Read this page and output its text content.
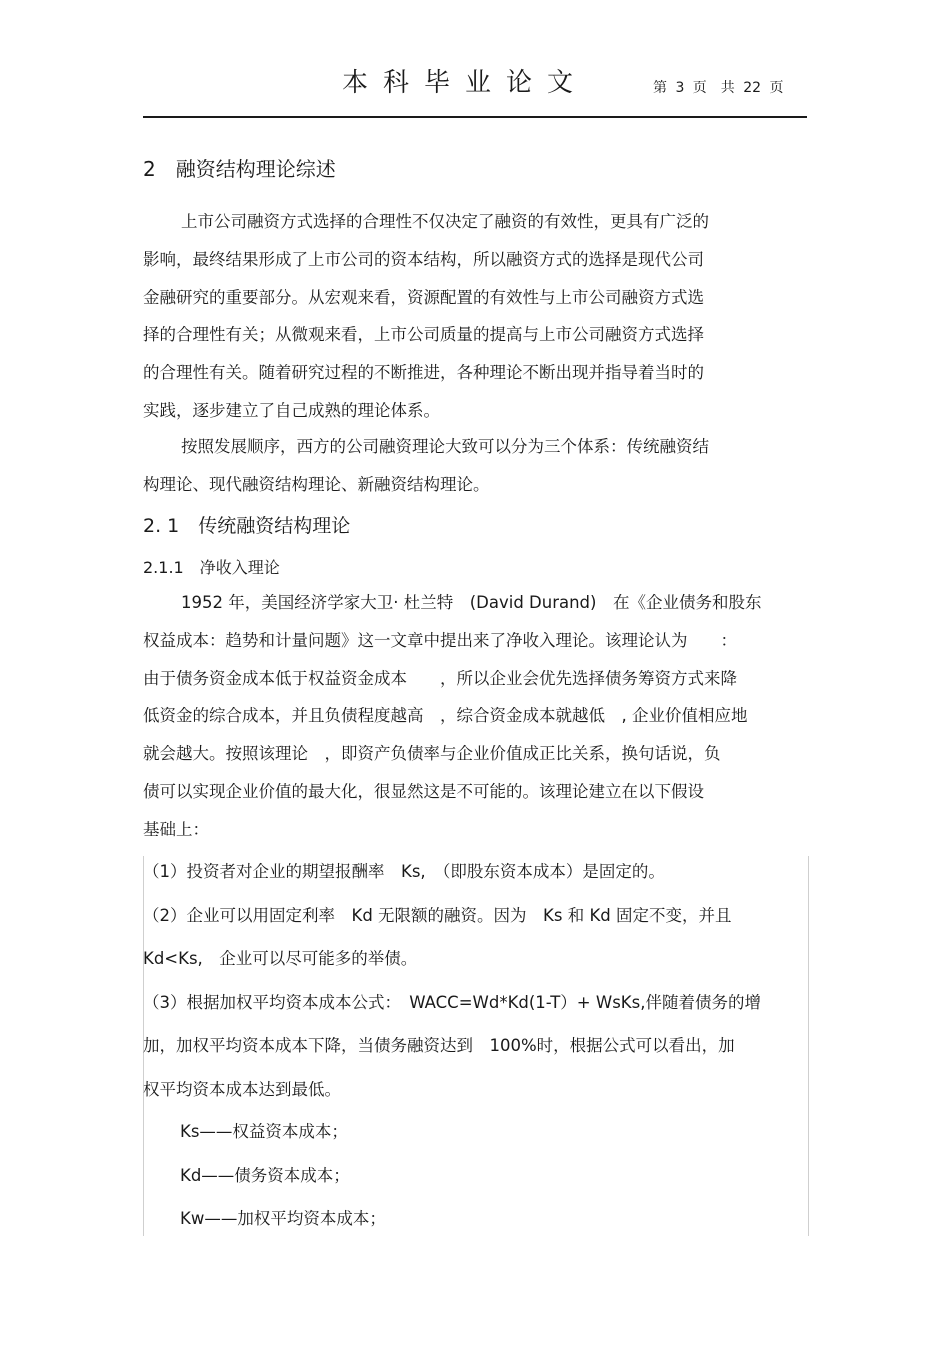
本科毕业论文	第 3 页　共 22 页
2　融资结构理论综述
上市公司融资方式选择的合理性不仅决定了融资的有效性，更具有广泛的
影响，最终结果形成了上市公司的资本结构，所以融资方式的选择是现代公司
金融研究的重要部分。从宏观来看，资源配置的有效性与上市公司融资方式选
择的合理性有关；从微观来看，上市公司质量的提高与上市公司融资方式选择
的合理性有关。随着研究过程的不断推进，各种理论不断出现并指导着当时的
实践，逐步建立了自己成熟的理论体系。
按照发展顺序，西方的公司融资理论大致可以分为三个体系：传统融资结
构理论、现代融资结构理论、新融资结构理论。
2. 1　传统融资结构理论
2.1.1　净收入理论
1952 年，美国经济学家大卫· 杜兰特　(David Durand)　在《企业债务和股东
权益成本：趋势和计量问题》这一文章中提出来了净收入理论。该理论认为　　：
由于债务资金成本低于权益资金成本　　，所以企业会优先选择债务筹资方式来降
低资金的综合成本，并且负债程度越高　，综合资金成本就越低　, 企业价值相应地
就会越大。按照该理论　，即资产负债率与企业价值成正比关系，换句话说，负
债可以实现企业价值的最大化，很显然这是不可能的。该理论建立在以下假设
基础上：
（1）投资者对企业的期望报酬率　Ks,　（即股东资本成本）是固定的。
（2）企业可以用固定利率　Kd 无限额的融资。因为　Ks 和 Kd 固定不变，并且
Kd<Ks,　企业可以尽可能多的举债。
（3）根据加权平均资本成本公式：　WACC=Wd*Kd(1-T）+ WsKs,伴随着债务的增
加，加权平均资本成本下降，当债务融资达到　100%时，根据公式可以看出，加
权平均资本成本达到最低。
Ks——权益资本成本；
Kd——债务资本成本；
Kw——加权平均资本成本；
